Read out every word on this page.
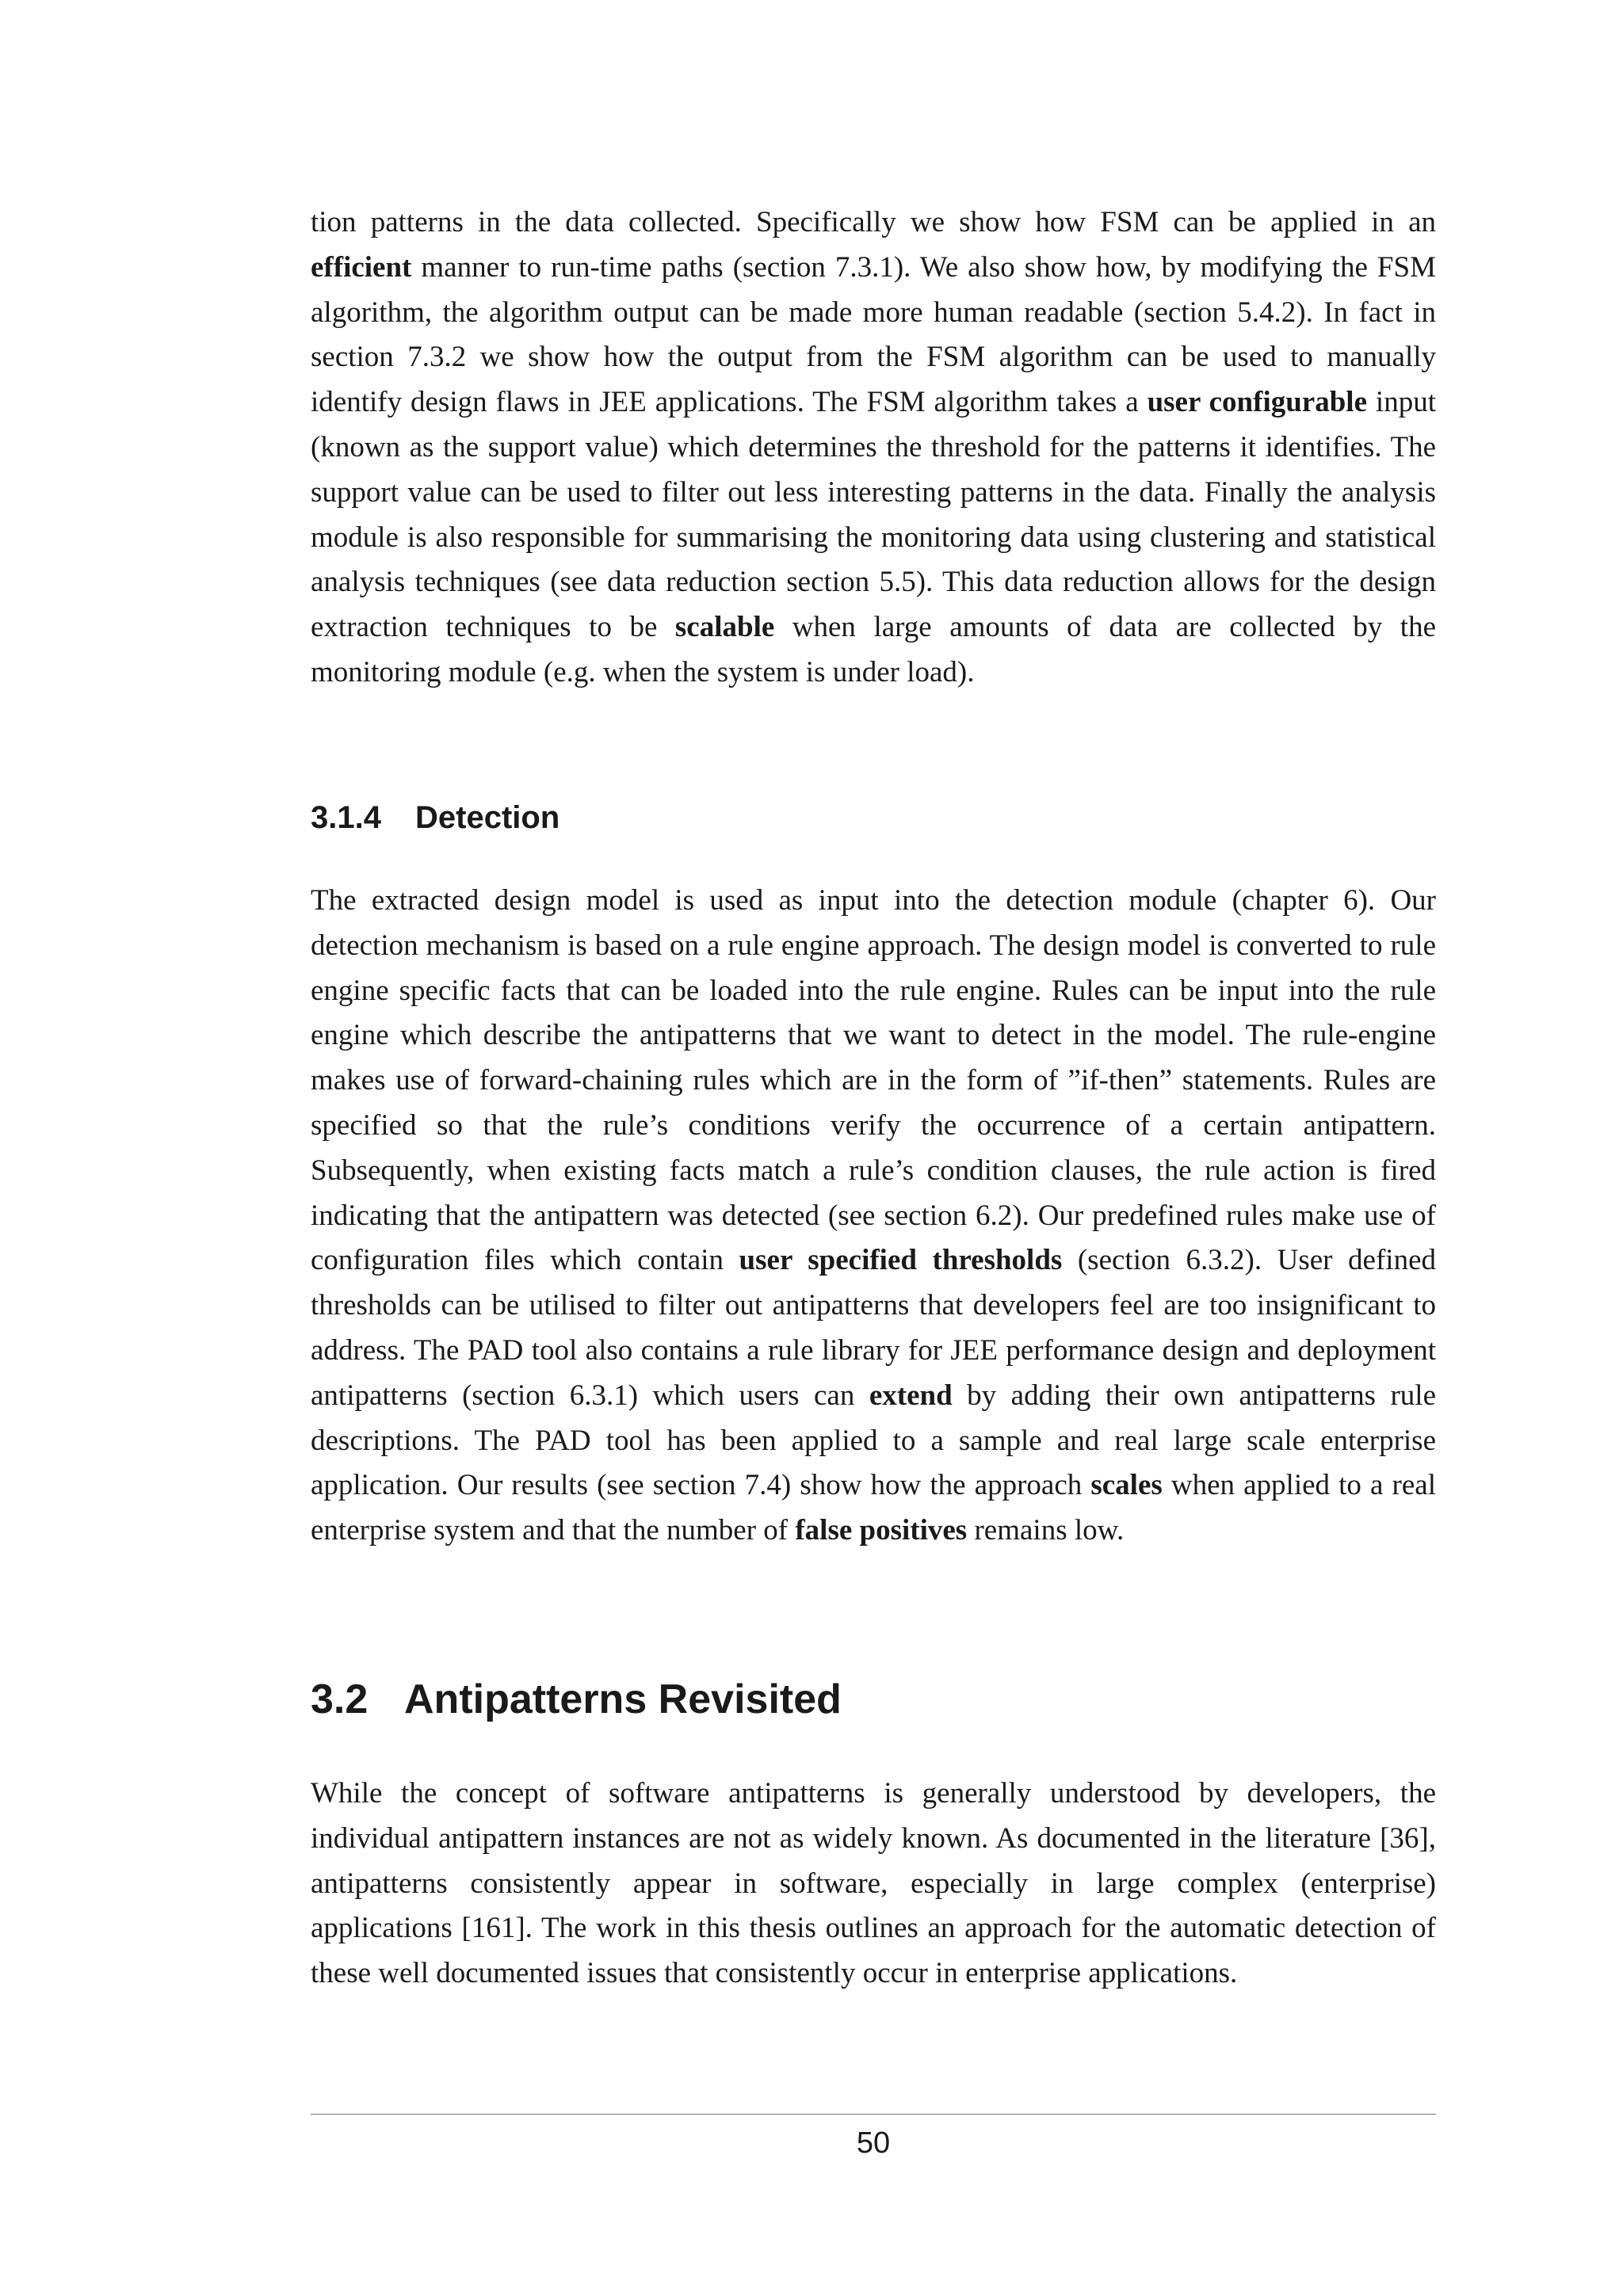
tion patterns in the data collected. Specifically we show how FSM can be applied in an efficient manner to run-time paths (section 7.3.1). We also show how, by modifying the FSM algorithm, the algorithm output can be made more human readable (section 5.4.2). In fact in section 7.3.2 we show how the output from the FSM algorithm can be used to manually identify design flaws in JEE applications. The FSM algorithm takes a user configurable input (known as the support value) which determines the threshold for the patterns it identifies. The support value can be used to filter out less interesting patterns in the data. Finally the analysis module is also responsible for summarising the monitoring data using clustering and statistical analysis techniques (see data reduction section 5.5). This data reduction allows for the design extraction techniques to be scalable when large amounts of data are collected by the monitoring module (e.g. when the system is under load).

3.1.4 Detection

The extracted design model is used as input into the detection module (chapter 6). Our detection mechanism is based on a rule engine approach. The design model is converted to rule engine specific facts that can be loaded into the rule engine. Rules can be input into the rule engine which describe the antipatterns that we want to detect in the model. The rule-engine makes use of forward-chaining rules which are in the form of ”if-then” statements. Rules are specified so that the rule’s conditions verify the occurrence of a certain antipattern. Subsequently, when existing facts match a rule’s condition clauses, the rule action is fired indicating that the antipattern was detected (see section 6.2). Our predefined rules make use of configuration files which contain user specified thresholds (section 6.3.2). User defined thresholds can be utilised to filter out antipatterns that developers feel are too insignificant to address. The PAD tool also contains a rule library for JEE performance design and deployment antipatterns (section 6.3.1) which users can extend by adding their own antipatterns rule descriptions. The PAD tool has been applied to a sample and real large scale enterprise application. Our results (see section 7.4) show how the approach scales when applied to a real enterprise system and that the number of false positives remains low.

3.2 Antipatterns Revisited

While the concept of software antipatterns is generally understood by developers, the individual antipattern instances are not as widely known. As documented in the literature [36], antipatterns consistently appear in software, especially in large complex (enterprise) applications [161]. The work in this thesis outlines an approach for the automatic detection of these well documented issues that consistently occur in enterprise applications.

50
